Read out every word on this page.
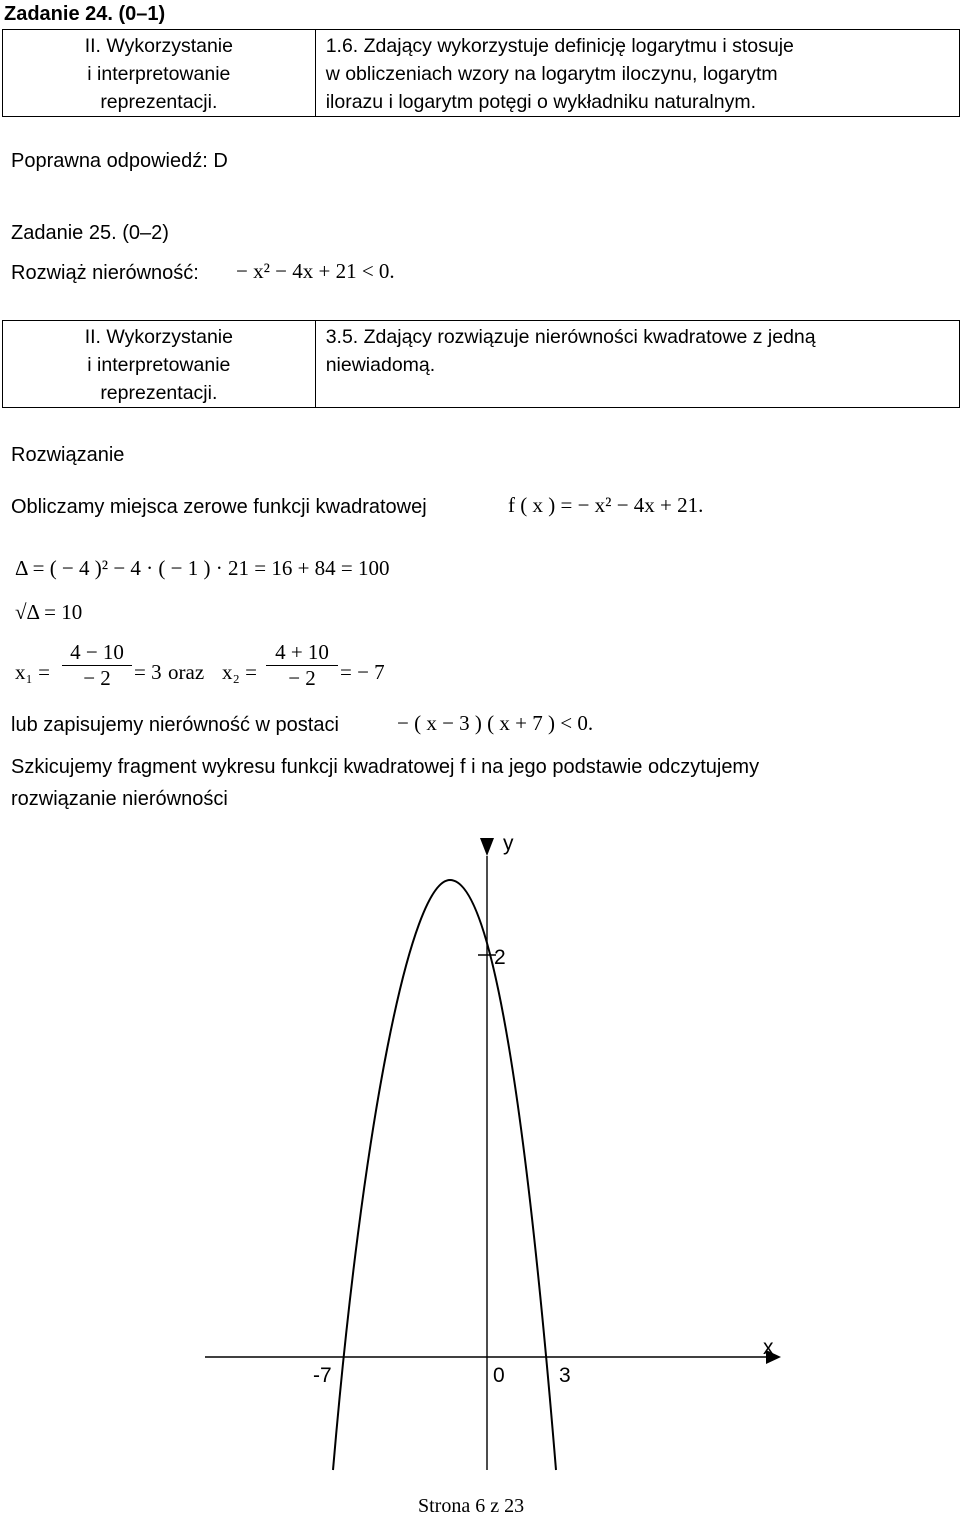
Zadanie 24. (0–1)
II. Wykorzystanie
i interpretowanie
reprezentacji.

1.6. Zdający wykorzystuje definicję logarytmu i stosuje
w obliczeniach wzory na logarytm iloczynu, logarytm
ilorazu i logarytm potęgi o wykładniku naturalnym.
Poprawna odpowiedź: D
Zadanie 25. (0–2)
Rozwiąż nierówność: − x² − 4x + 21 < 0.
II. Wykorzystanie
i interpretowanie
reprezentacji.

3.5. Zdający rozwiązuje nierówności kwadratowe z jedną
niewiadomą.
Rozwiązanie
Obliczamy miejsca zerowe funkcji kwadratowej	f ( x ) = − x² − 4x + 21.
Δ = ( − 4 )² − 4 · ( − 1 ) · 21 = 16 + 84 = 100
√Δ = 10
x₁ =
4 − 10
− 2	= 3 oraz x₂ =
4 + 10
− 2	= − 7
lub zapisujemy nierówność w postaci	− ( x − 3 ) ( x + 7 ) < 0.
Szkicujemy fragment wykresu funkcji kwadratowej f i na jego podstawie odczytujemy
rozwiązanie nierówności
y
2
x
-7	0	3
Strona 6 z 23
